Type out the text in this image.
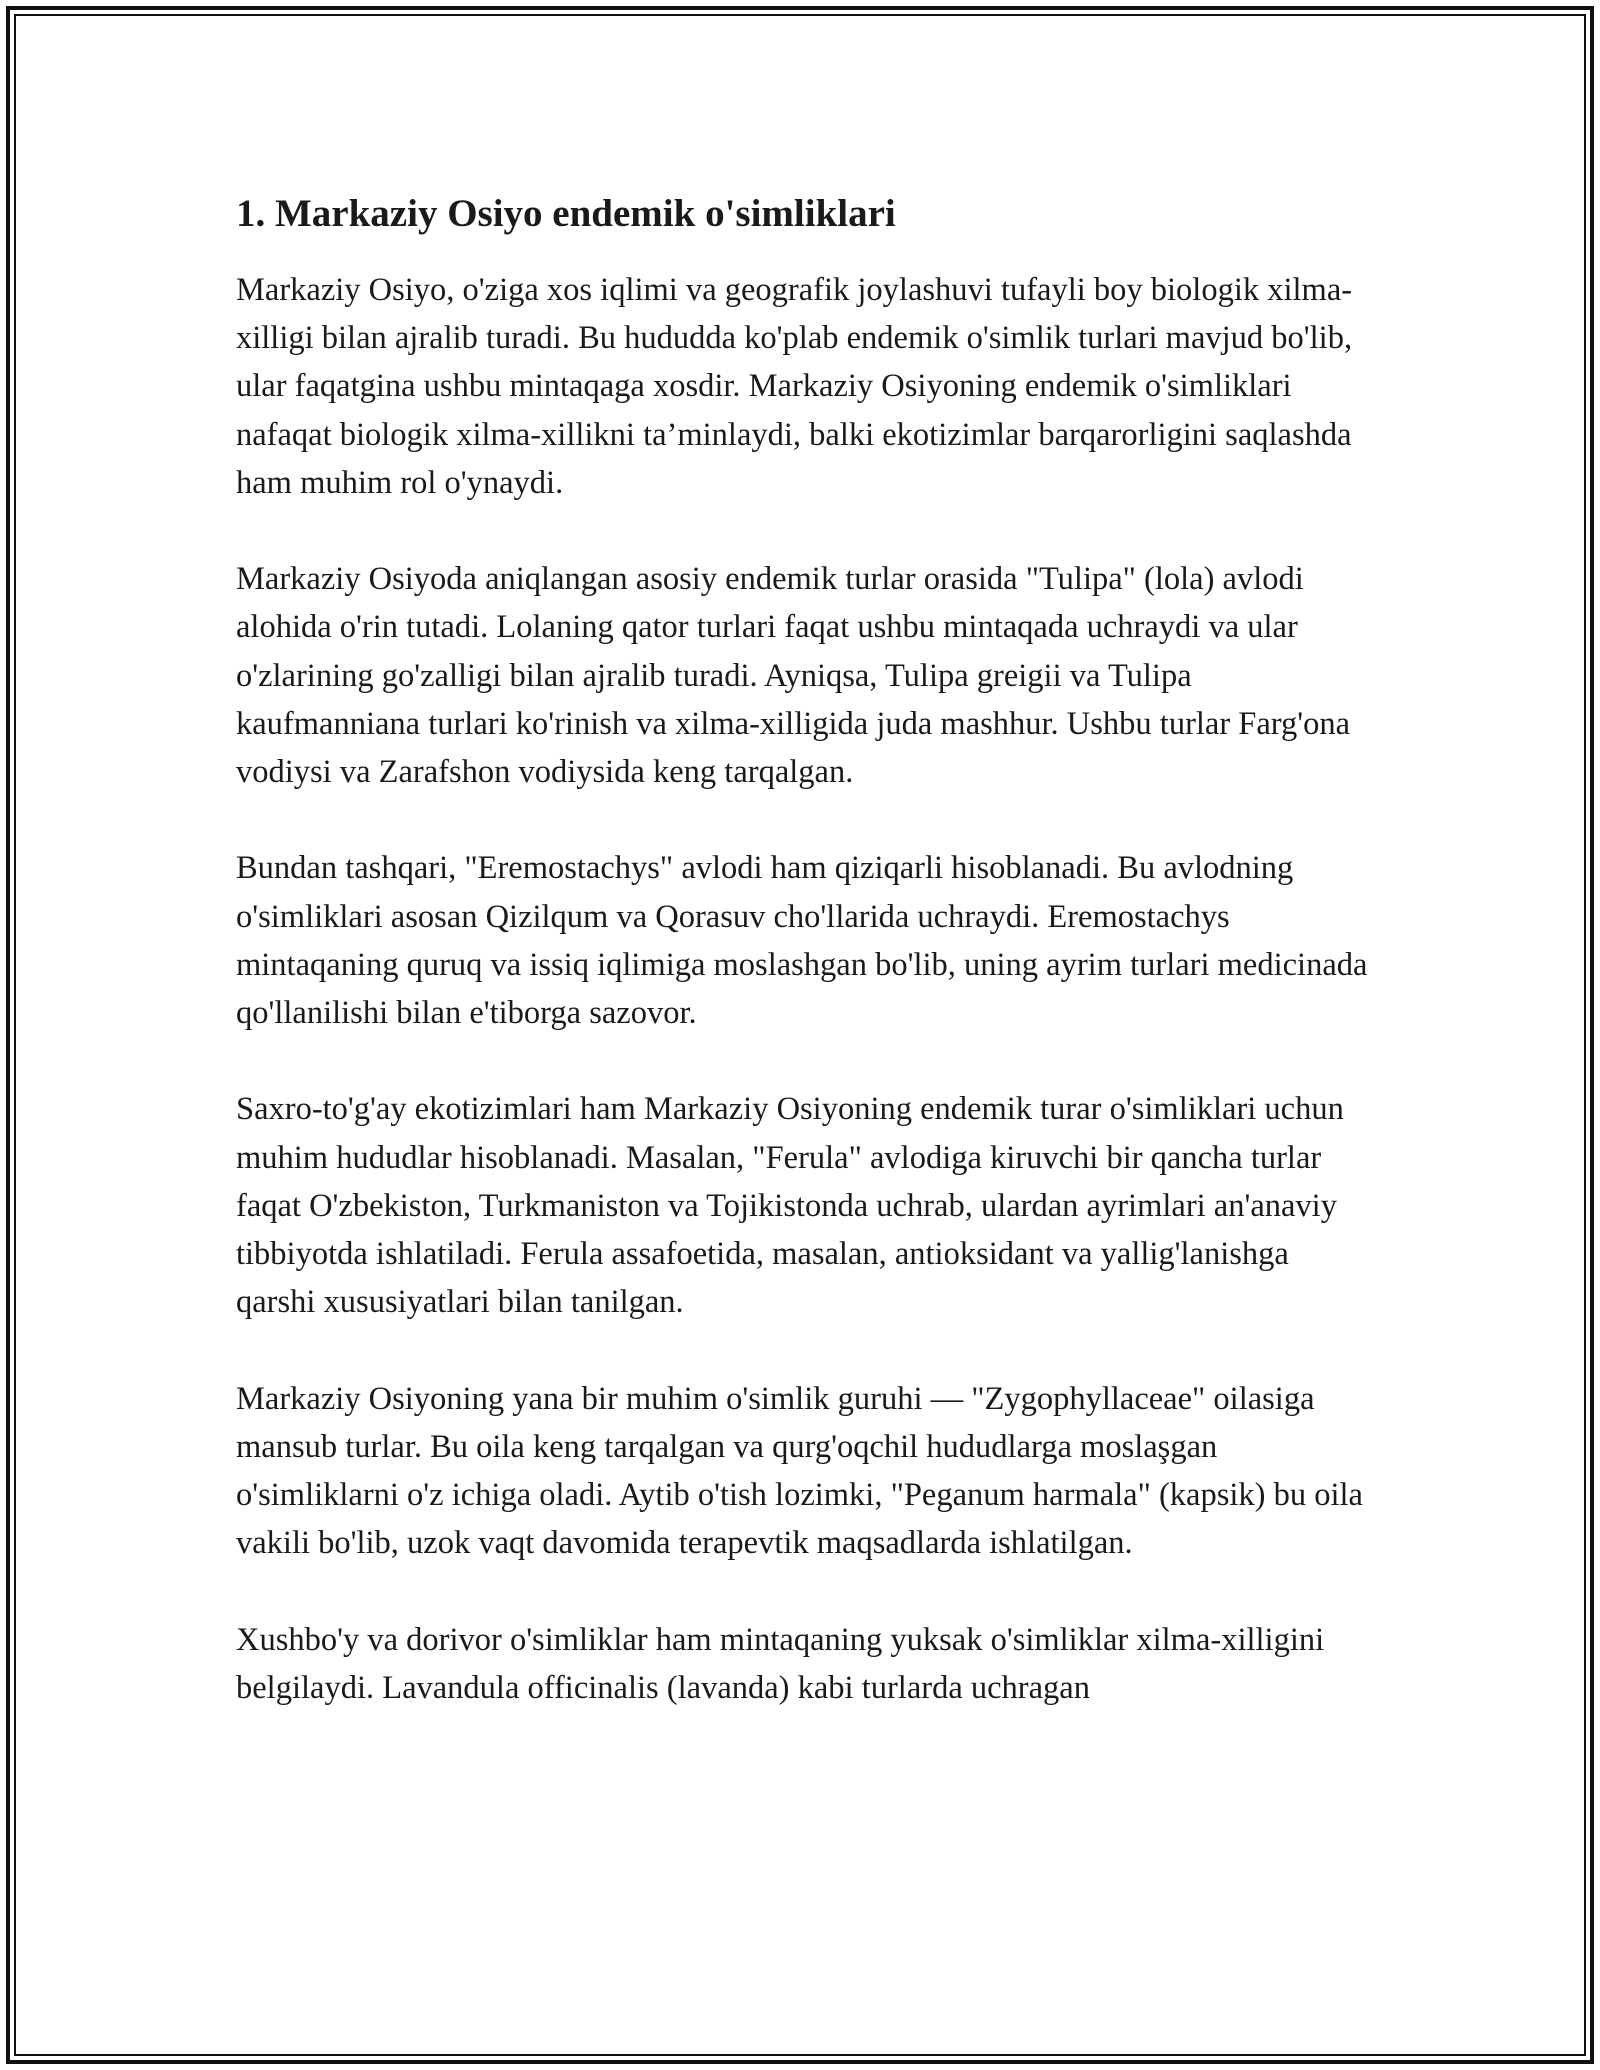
1. Markaziy Osiyo endemik o'simliklari

Markaziy Osiyo, o'ziga xos iqlimi va geografik joylashuvi tufayli boy biologik xilma-xilligi bilan ajralib turadi. Bu hududda ko'plab endemik o'simlik turlari mavjud bo'lib, ular faqatgina ushbu mintaqaga xosdir. Markaziy Osiyoning endemik o'simliklari nafaqat biologik xilma-xillikni ta’minlaydi, balki ekotizimlar barqarorligini saqlashda ham muhim rol o'ynaydi.

Markaziy Osiyoda aniqlangan asosiy endemik turlar orasida "Tulipa" (lola) avlodi alohida o'rin tutadi. Lolaning qator turlari faqat ushbu mintaqada uchraydi va ular o'zlarining go'zalligi bilan ajralib turadi. Ayniqsa, Tulipa greigii va Tulipa kaufmanniana turlari ko'rinish va xilma-xilligida juda mashhur. Ushbu turlar Farg'ona vodiysi va Zarafshon vodiysida keng tarqalgan.

Bundan tashqari, "Eremostachys" avlodi ham qiziqarli hisoblanadi. Bu avlodning o'simliklari asosan Qizilqum va Qorasuv cho'llarida uchraydi. Eremostachys mintaqaning quruq va issiq iqlimiga moslashgan bo'lib, uning ayrim turlari medicinada qo'llanilishi bilan e'tiborga sazovor.

Saxro-to'g'ay ekotizimlari ham Markaziy Osiyoning endemik turar o'simliklari uchun muhim hududlar hisoblanadi. Masalan, "Ferula" avlodiga kiruvchi bir qancha turlar faqat O'zbekiston, Turkmaniston va Tojikistonda uchrab, ulardan ayrimlari an'anaviy tibbiyotda ishlatiladi. Ferula assafoetida, masalan, antioksidant va yallig'lanishga qarshi xususiyatlari bilan tanilgan.

Markaziy Osiyoning yana bir muhim o'simlik guruhi — "Zygophyllaceae" oilasiga mansub turlar. Bu oila keng tarqalgan va qurg'oqchil hududlarga moslaşgan o'simliklarni o'z ichiga oladi. Aytib o'tish lozimki, "Peganum harmala" (kapsik) bu oila vakili bo'lib, uzok vaqt davomida terapevtik maqsadlarda ishlatilgan.

Xushbo'y va dorivor o'simliklar ham mintaqaning yuksak o'simliklar xilma-xilligini belgilaydi. Lavandula officinalis (lavanda) kabi turlarda uchragan
